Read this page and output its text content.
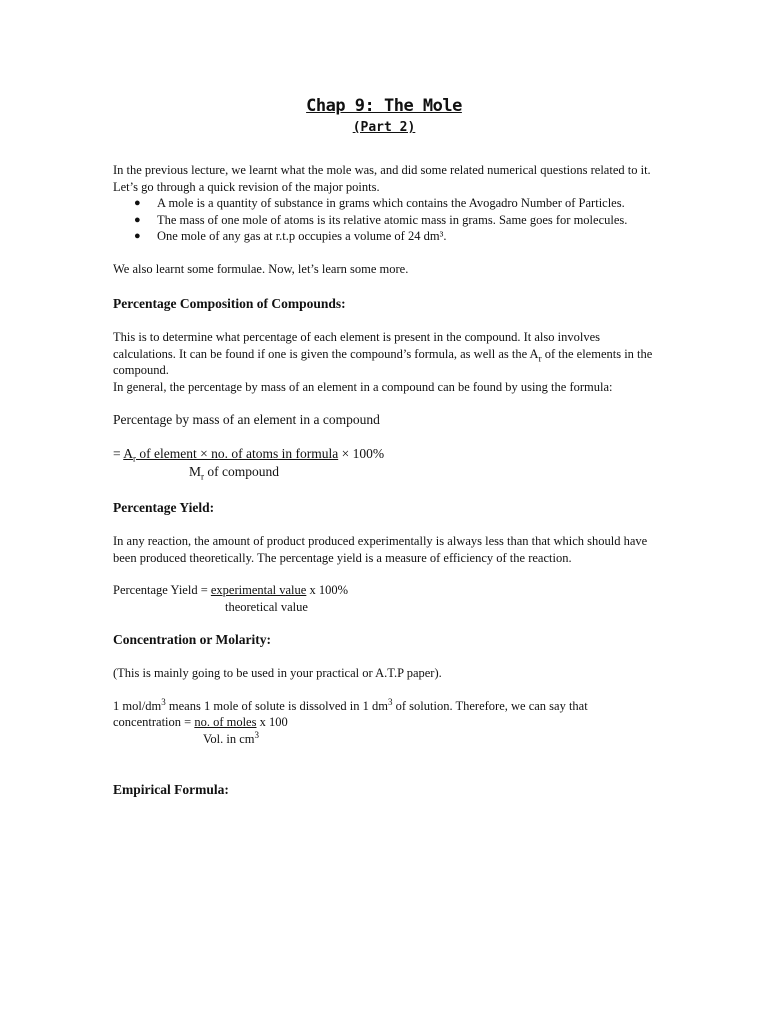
Chap 9: The Mole

(Part 2)

In the previous lecture, we learnt what the mole was, and did some related numerical questions related to it. Let’s go through a quick revision of the major points.

● A mole is a quantity of substance in grams which contains the Avogadro Number of Particles.
● The mass of one mole of atoms is its relative atomic mass in grams. Same goes for molecules.
● One mole of any gas at r.t.p occupies a volume of 24 dm³.

We also learnt some formulae. Now, let’s learn some more.

Percentage Composition of Compounds:

This is to determine what percentage of each element is present in the compound. It also involves calculations. It can be found if one is given the compound’s formula, as well as the $A_r$ of the elements in the compound.

In general, the percentage by mass of an element in a compound can be found by using the formula:

Percentage by mass of an element in a compound

= $A_r$ of element × no. of atoms in formula × 100%

$M_r$ of compound

Percentage Yield:

In any reaction, the amount of product produced experimentally is always less than that which should have been produced theoretically. The percentage yield is a measure of efficiency of the reaction.

Percentage Yield = experimental value x 100%

theoretical value

Concentration or Molarity:

(This is mainly going to be used in your practical or A.T.P paper).

1 mol/$dm^3$ means 1 mole of solute is dissolved in 1 $dm^3$ of solution. Therefore, we can say that

concentration = no. of moles x 100

Vol. in $cm^3$

Empirical Formula:
